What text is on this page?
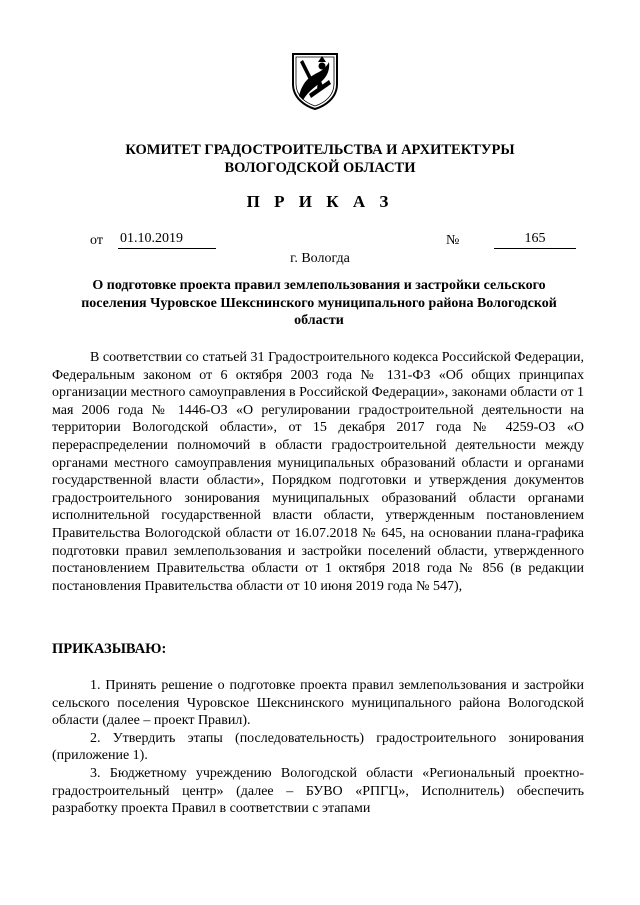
КОМИТЕТ ГРАДОСТРОИТЕЛЬСТВА И АРХИТЕКТУРЫ
ВОЛОГОДСКОЙ ОБЛАСТИ
П Р И К А З
от 01.10.2019	№	165
г. Вологда
О подготовке проекта правил землепользования и застройки сельского поселения Чуровское Шекснинского муниципального района Вологодской области

В соответствии со статьей 31 Градостроительного кодекса Российской Федерации, Федеральным законом от 6 октября 2003 года № 131-ФЗ «Об общих принципах организации местного самоуправления в Российской Федерации», законами области от 1 мая 2006 года № 1446-ОЗ «О регулировании градостроительной деятельности на территории Вологодской области», от 15 декабря 2017 года № 4259-ОЗ «О перераспределении полномочий в области градостроительной деятельности между органами местного самоуправления муниципальных образований области и органами государственной власти области», Порядком подготовки и утверждения документов градостроительного зонирования муниципальных образований области органами исполнительной государственной власти области, утвержденным постановлением Правительства Вологодской области от 16.07.2018 № 645, на основании плана-графика подготовки правил землепользования и застройки поселений области, утвержденного постановлением Правительства области от 1 октября 2018 года № 856 (в редакции постановления Правительства области от 10 июня 2019 года № 547),

ПРИКАЗЫВАЮ:

1. Принять решение о подготовке проекта правил землепользования и застройки сельского поселения Чуровское Шекснинского муниципального района Вологодской области (далее – проект Правил).

2. Утвердить этапы (последовательность) градостроительного зонирования (приложение 1).

3. Бюджетному учреждению Вологодской области «Региональный проектно-градостроительный центр» (далее – БУВО «РПГЦ», Исполнитель) обеспечить разработку проекта Правил в соответствии с этапами
